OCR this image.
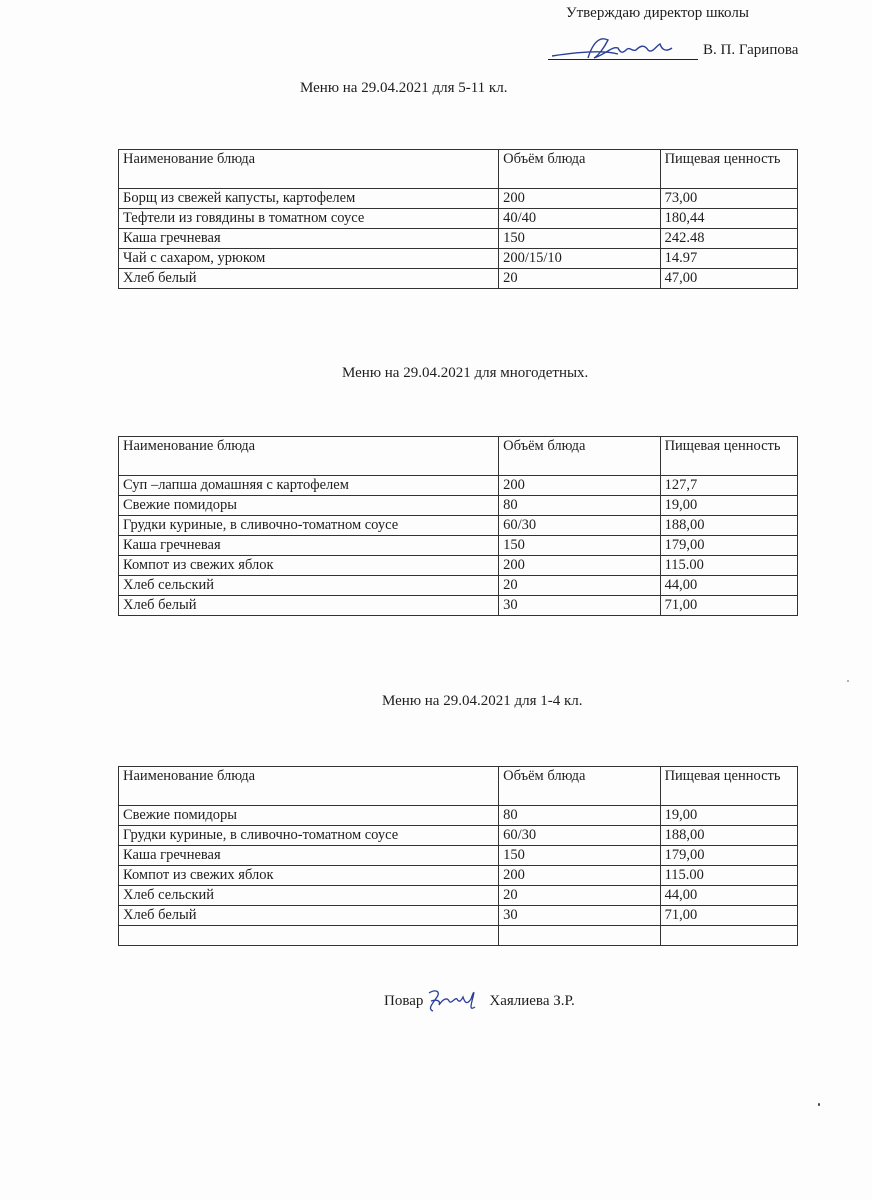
Утверждаю директор школы
В. П. Гарипова
Меню на 29.04.2021 для 5-11 кл.
Наименование блюда	Объём блюда	Пищевая ценность
Борщ из свежей капусты, картофелем	200	73,00
Тефтели из говядины в томатном соусе	40/40	180,44
Каша гречневая	150	242.48
Чай с сахаром, урюком	200/15/10	14.97
Хлеб белый	20	47,00
Меню на 29.04.2021 для многодетных.
Наименование блюда	Объём блюда	Пищевая ценность
Суп –лапша домашняя с картофелем	200	127,7
Свежие помидоры	80	19,00
Грудки куриные, в сливочно-томатном соусе	60/30	188,00
Каша гречневая	150	179,00
Компот из свежих яблок	200	115.00
Хлеб сельский	20	44,00
Хлеб белый	30	71,00
Меню на 29.04.2021 для 1-4 кл.
Наименование блюда	Объём блюда	Пищевая ценность
Свежие помидоры	80	19,00
Грудки куриные, в сливочно-томатном соусе	60/30	188,00
Каша гречневая	150	179,00
Компот из свежих яблок	200	115.00
Хлеб сельский	20	44,00
Хлеб белый	30	71,00

Повар	Хаялиева З.Р.
